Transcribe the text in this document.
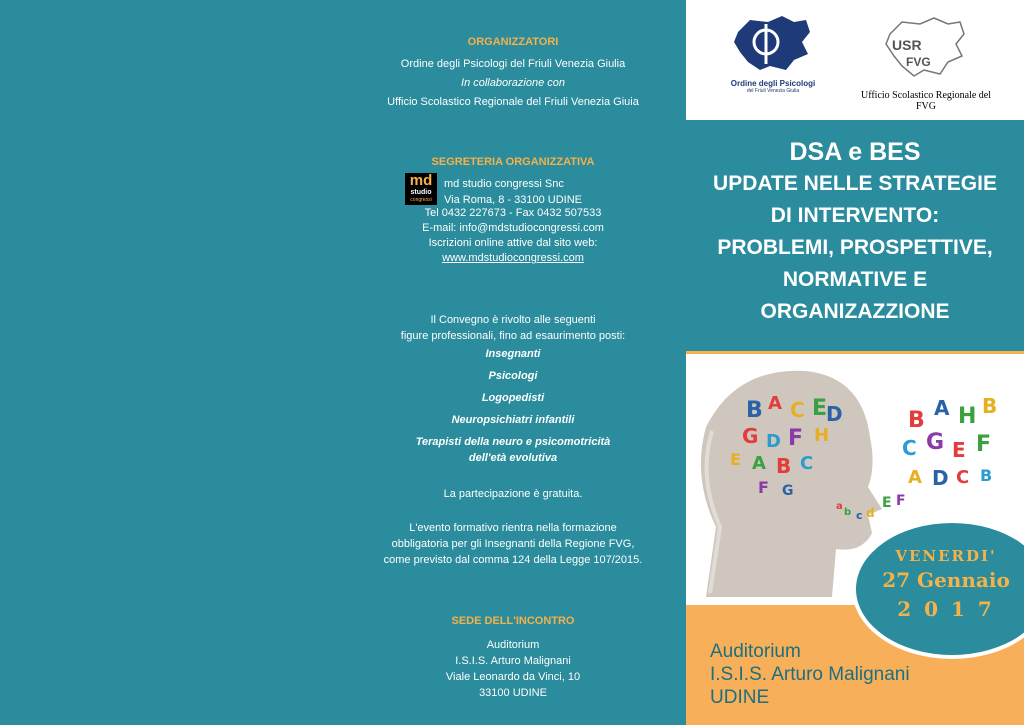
ORGANIZZATORI
Ordine degli Psicologi del Friuli Venezia Giulia
In collaborazione con
Ufficio Scolastico Regionale del Friuli Venezia Giuia
SEGRETERIA ORGANIZZATIVA
md
studio
congressi
md studio congressi Snc
Via Roma, 8 - 33100 UDINE
Tel 0432 227673 - Fax 0432 507533
E-mail: info@mdstudiocongressi.com
Iscrizioni online attive dal sito web:
www.mdstudiocongressi.com
Il Convegno è rivolto alle seguenti
figure professionali, fino ad esaurimento posti:
Insegnanti
Psicologi
Logopedisti
Neuropsichiatri infantili
Terapisti della neuro e psicomotricità
dell'età evolutiva
La partecipazione è gratuita.
L'evento formativo rientra nella formazione
obbligatoria per gli Insegnanti della Regione FVG,
come previsto dal comma 124 della Legge 107/2015.
SEDE DELL'INCONTRO
Auditorium
I.S.I.S. Arturo Malignani
Viale Leonardo da Vinci, 10
33100 UDINE
Ordine degli Psicologi
del Friuli Venezia Giulia
USR
FVG
Ufficio Scolastico Regionale del FVG
DSA e BES
UPDATE NELLE STRATEGIE
DI INTERVENTO:
PROBLEMI, PROSPETTIVE,
NORMATIVE E
ORGANIZAZZIONE
B A C E
G D F H
D
A B C
E
F G
a
b c d
B A H B
C G E F
A D C B
E F
VENERDI'
27 Gennaio
2 0 1 7
Auditorium
I.S.I.S. Arturo Malignani
UDINE
